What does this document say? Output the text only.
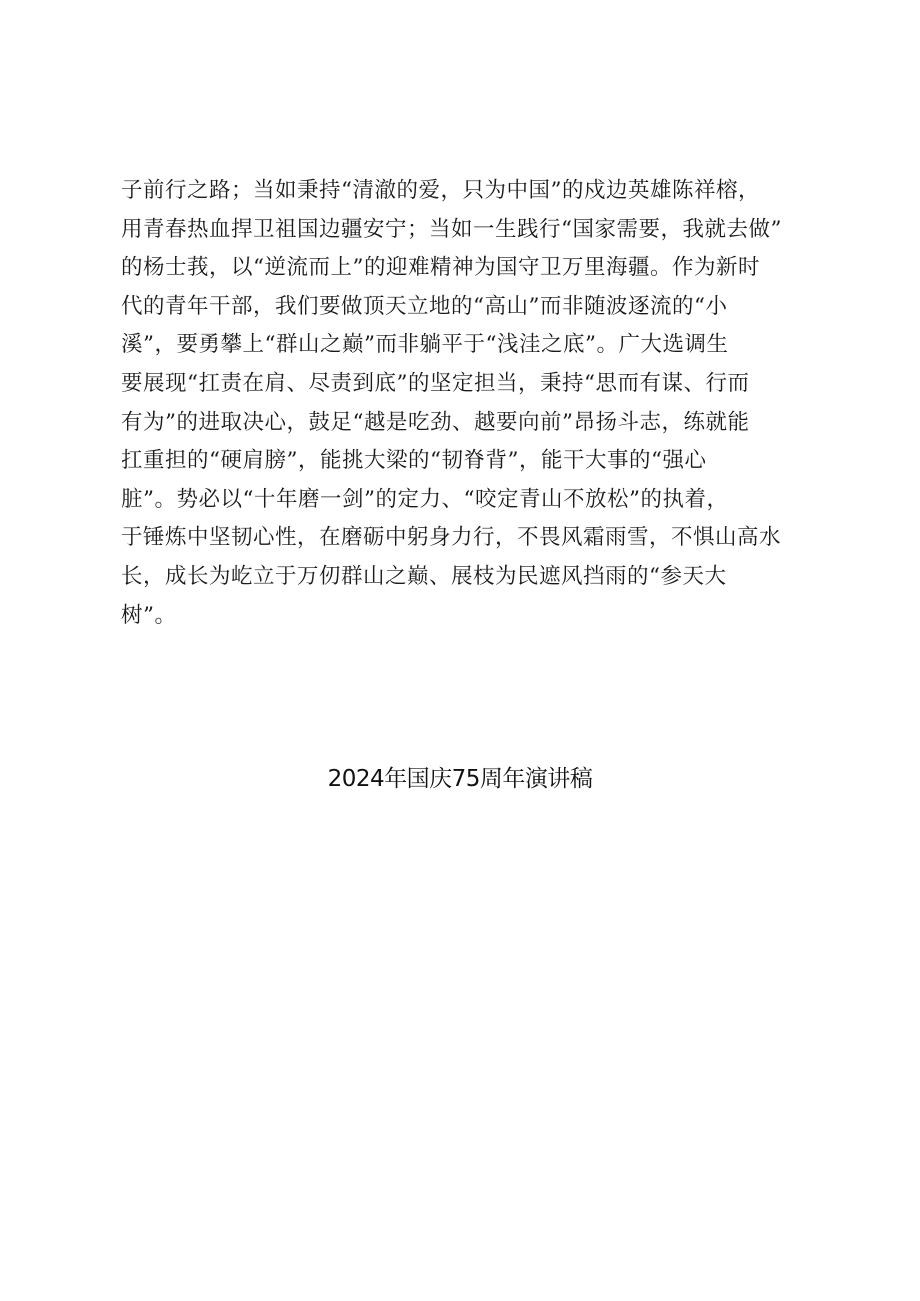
子前行之路；当如秉持“清澈的爱，只为中国”的戍边英雄陈祥榕，
用青春热血捍卫祖国边疆安宁；当如一生践行“国家需要，我就去做”
的杨士莪，以“逆流而上”的迎难精神为国守卫万里海疆。作为新时
代的青年干部，我们要做顶天立地的“高山”而非随波逐流的“小
溪”，要勇攀上“群山之巅”而非躺平于“浅洼之底”。广大选调生
要展现“扛责在肩、尽责到底”的坚定担当，秉持“思而有谋、行而
有为”的进取决心，鼓足“越是吃劲、越要向前”昂扬斗志，练就能
扛重担的“硬肩膀”，能挑大梁的“韧脊背”，能干大事的“强心
脏”。势必以“十年磨一剑”的定力、“咬定青山不放松”的执着，
于锤炼中坚韧心性，在磨砺中躬身力行，不畏风霜雨雪，不惧山高水
长，成长为屹立于万仞群山之巅、展枝为民遮风挡雨的“参天大
树”。
2024年国庆75周年演讲稿
